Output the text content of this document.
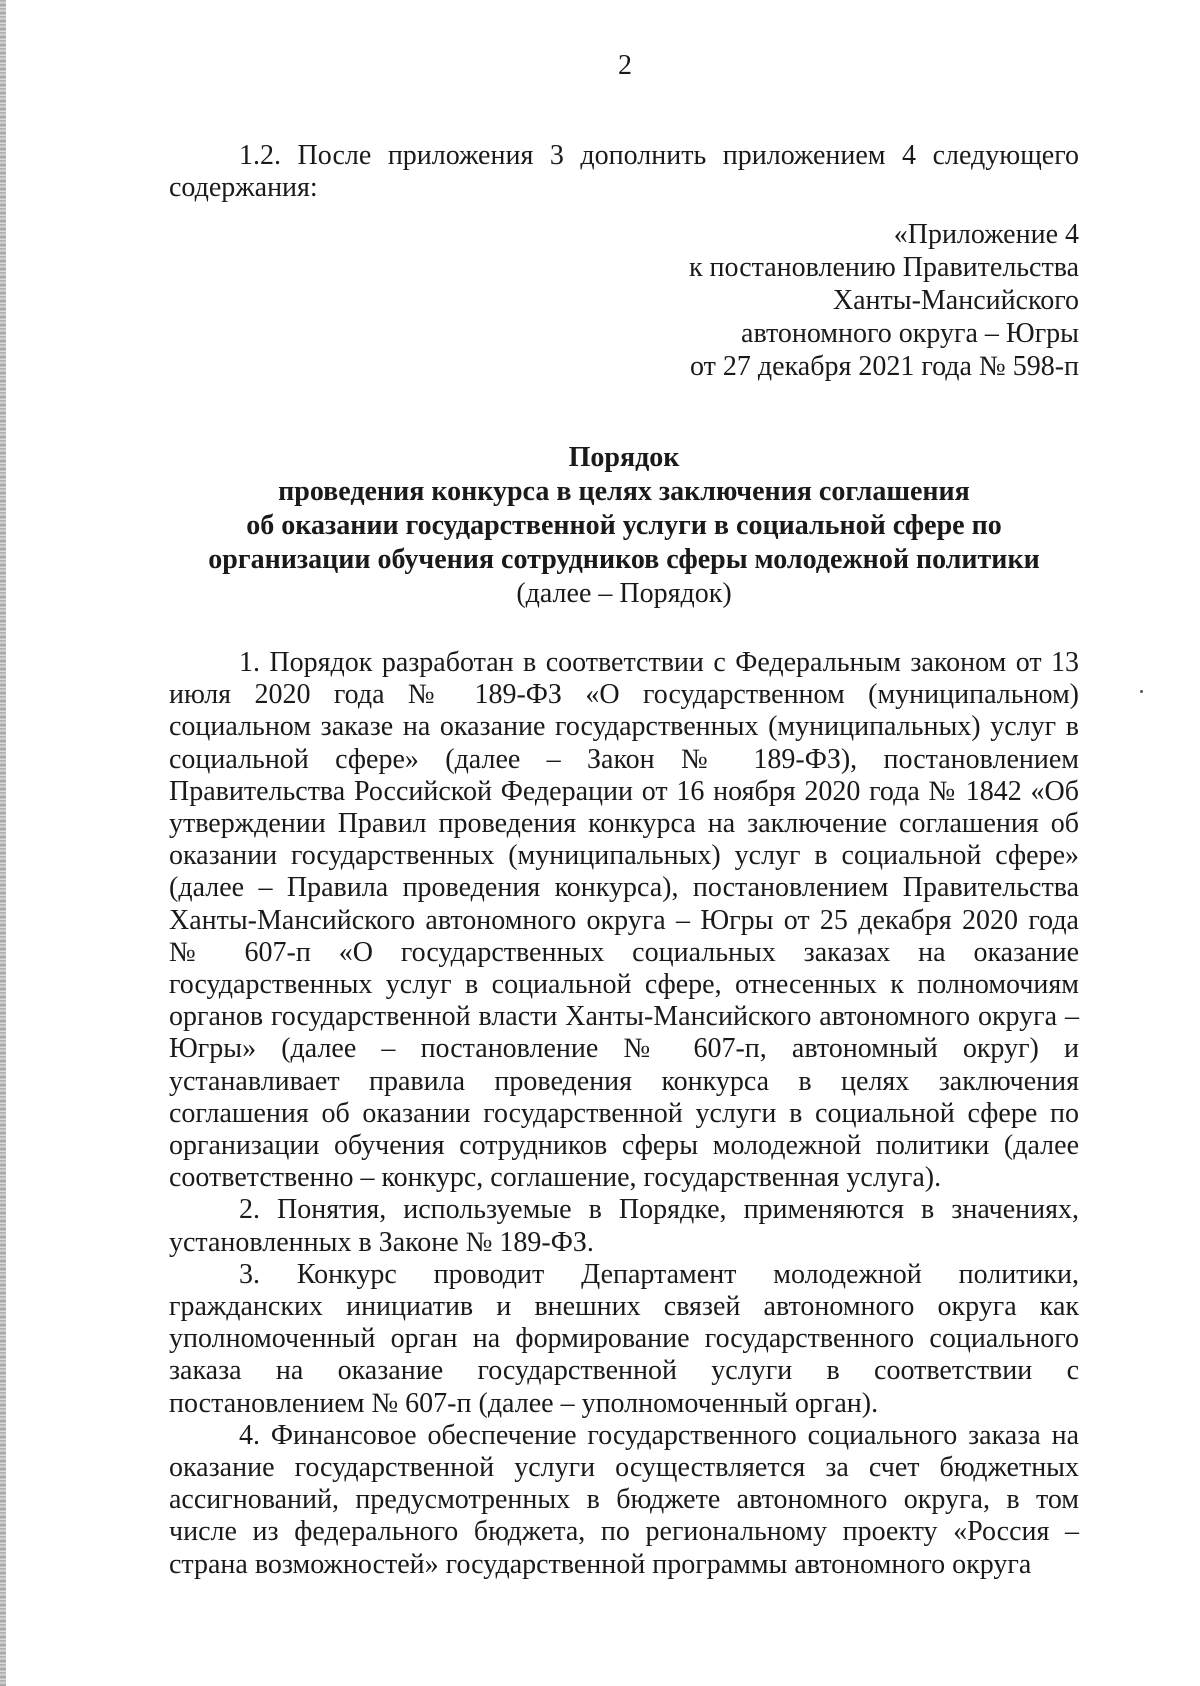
2

1.2. После приложения 3 дополнить приложением 4 следующего содержания:

«Приложение 4
к постановлению Правительства
Ханты-Мансийского
автономного округа – Югры
от 27 декабря 2021 года № 598-п
Порядок
проведения конкурса в целях заключения соглашения
об оказании государственной услуги в социальной сфере по
организации обучения сотрудников сферы молодежной политики
(далее – Порядок)

1. Порядок разработан в соответствии с Федеральным законом от 13 июля 2020 года № 189-ФЗ «О государственном (муниципальном) социальном заказе на оказание государственных (муниципальных) услуг в социальной сфере» (далее – Закон № 189-ФЗ), постановлением Правительства Российской Федерации от 16 ноября 2020 года № 1842 «Об утверждении Правил проведения конкурса на заключение соглашения об оказании государственных (муниципальных) услуг в социальной сфере» (далее – Правила проведения конкурса), постановлением Правительства Ханты-Мансийского автономного округа – Югры от 25 декабря 2020 года № 607-п «О государственных социальных заказах на оказание государственных услуг в социальной сфере, отнесенных к полномочиям органов государственной власти Ханты-Мансийского автономного округа – Югры» (далее – постановление № 607-п, автономный округ) и устанавливает правила проведения конкурса в целях заключения соглашения об оказании государственной услуги в социальной сфере по организации обучения сотрудников сферы молодежной политики (далее соответственно – конкурс, соглашение, государственная услуга).

2. Понятия, используемые в Порядке, применяются в значениях, установленных в Законе № 189-ФЗ.

3. Конкурс проводит Департамент молодежной политики, гражданских инициатив и внешних связей автономного округа как уполномоченный орган на формирование государственного социального заказа на оказание государственной услуги в соответствии с постановлением № 607-п (далее – уполномоченный орган).

4. Финансовое обеспечение государственного социального заказа на оказание государственной услуги осуществляется за счет бюджетных ассигнований, предусмотренных в бюджете автономного округа, в том числе из федерального бюджета, по региональному проекту «Россия – страна возможностей» государственной программы автономного округа
